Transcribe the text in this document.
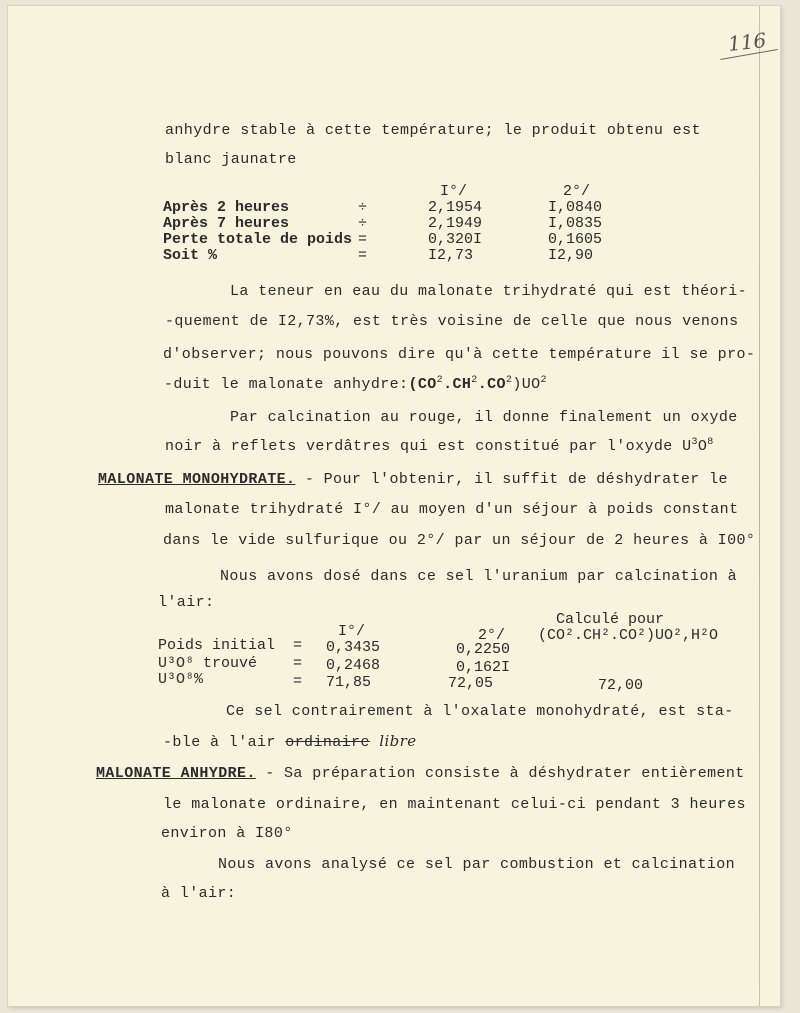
116
anhydre stable à cette température; le produit obtenu est
blanc jaunatre
I°/	2°/
Après 2 heures	÷	2,1954	I,0840
Après 7 heures	÷	2,1949	I,0835
Perte totale de poids =	0,320I	0,1605
Soit %	=	I2,73	I2,90
La teneur en eau du malonate trihydraté qui est théori-
-quement de I2,73%, est très voisine de celle que nous venons
d'observer; nous pouvons dire qu'à cette température il se pro-
-duit le malonate $anhydre:(CO^2.CH^2.CO^2)UO^2$
Par calcination au rouge, il donne finalement un oxyde
noir à reflets verdâtres qui est constitué par l'oxyde $U^3O^8$
MALONATE MONOHYDRATE. - Pour l'obtenir, il suffit de déshydrater le
malonate trihydraté I°/ au moyen d'un séjour à poids constant
dans le vide sulfurique ou 2°/ par un séjour de 2 heures à I00°
Nous avons dosé dans ce sel l'uranium par calcination à
l'air:
Calculé pour
I°/	2°/ (CO².CH².CO²)UO²,H²O
Poids initial = 0,3435	0,2250
U³O⁸ trouvé = 0,2468	0,162I
U³O⁸%	= 71,85	72,05	72,00
Ce sel contrairement à l'oxalate monohydraté, est sta-
-ble à l'air ordinaire libre
MALONATE ANHYDRE. - Sa préparation consiste à déshydrater entièrement
le malonate ordinaire, en maintenant celui-ci pendant 3 heures
environ à I80°
Nous avons analysé ce sel par combustion et calcination
à l'air:
